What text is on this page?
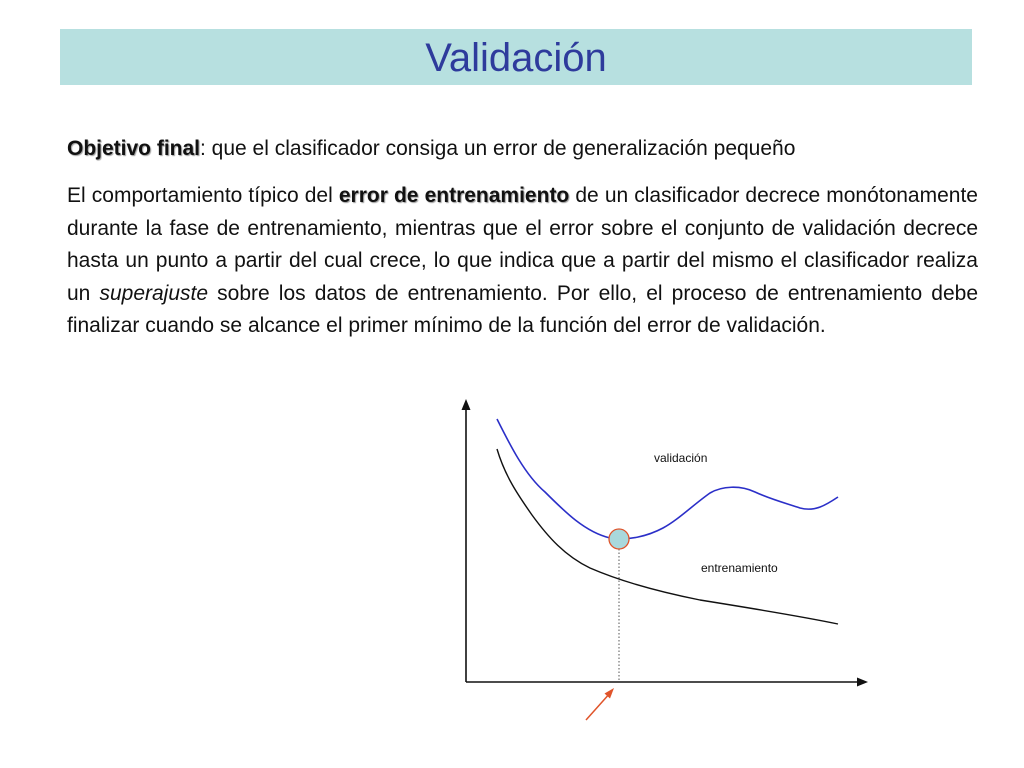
Validación
Objetivo final: que el clasificador consiga un error de generalización pequeño
El comportamiento típico del error de entrenamiento de un clasificador decrece monótonamente durante la fase de entrenamiento, mientras que el error sobre el conjunto de validación decrece hasta un punto a partir del cual crece, lo que indica que a partir del mismo el clasificador realiza un superajuste sobre los datos de entrenamiento. Por ello, el proceso de entrenamiento debe finalizar cuando se alcance el primer mínimo de la función del error de validación.
validación
entrenamiento
